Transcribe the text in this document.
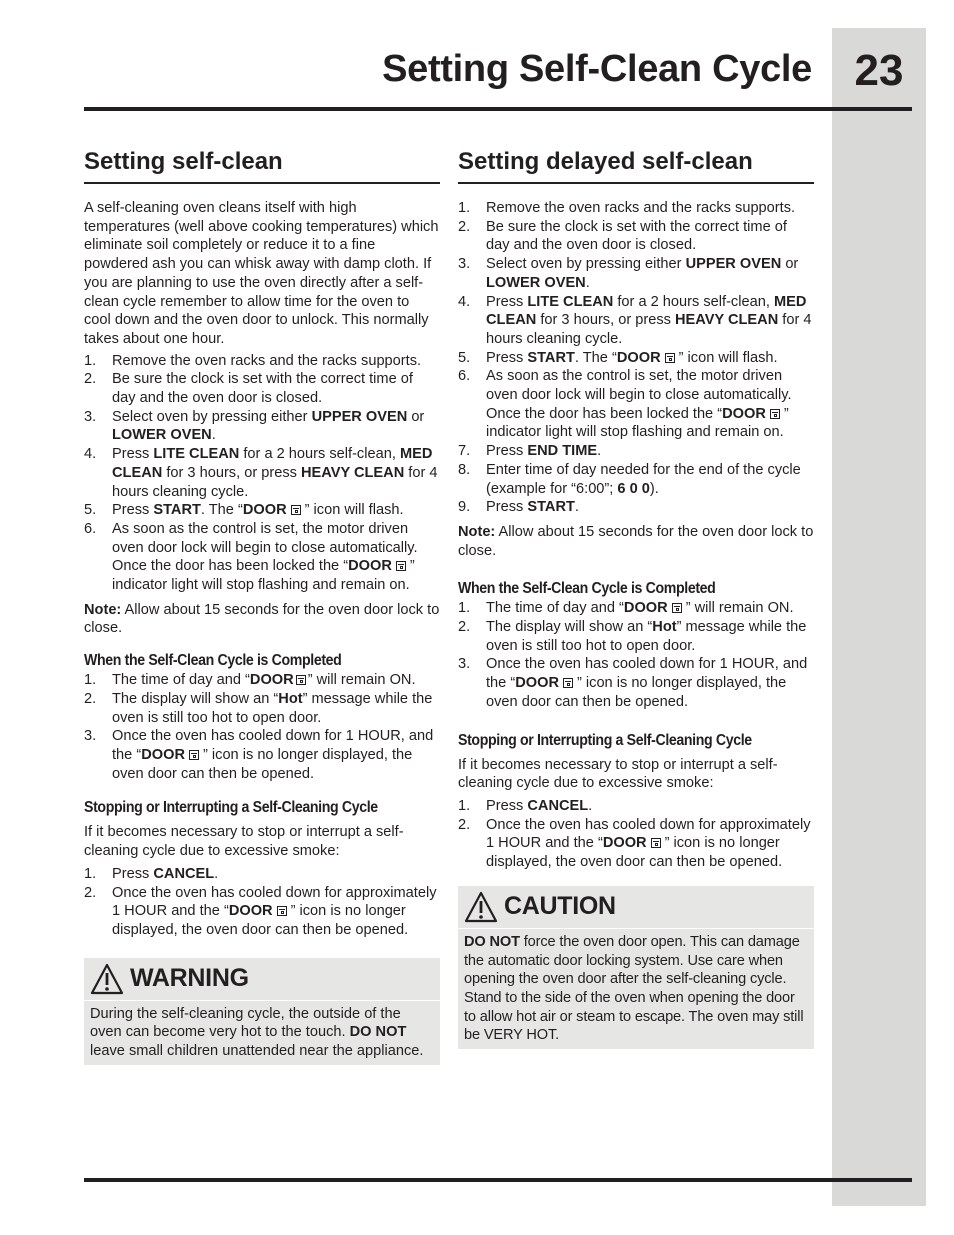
23
Setting Self-Clean Cycle
Setting self-clean

A self-cleaning oven cleans itself with high temperatures (well above cooking temperatures) which eliminate soil completely or reduce it to a fine powdered ash you can whisk away with damp cloth. If you are planning to use the oven directly after a self-clean cycle remember to allow time for the oven to cool down and the oven door to unlock. This normally takes about one hour.

1. Remove the oven racks and the racks supports.
2. Be sure the clock is set with the correct time of day and the oven door is closed.
3. Select oven by pressing either UPPER OVEN or LOWER OVEN.
4. Press LITE CLEAN for a 2 hours self-clean, MED CLEAN for 3 hours, or press HEAVY CLEAN for 4 hours cleaning cycle.
5. Press START. The “DOOR ” icon will flash.
6. As soon as the control is set, the motor driven oven door lock will begin to close automatically. Once the door has been locked the “DOOR ” indicator light will stop flashing and remain on.

Note: Allow about 15 seconds for the oven door lock to close.

When the Self-Clean Cycle is Completed
1. The time of day and “DOOR ” will remain ON.
2. The display will show an “Hot” message while the oven is still too hot to open door.
3. Once the oven has cooled down for 1 HOUR, and the “DOOR ” icon is no longer displayed, the oven door can then be opened.
Stopping or Interrupting a Self-Cleaning Cycle

If it becomes necessary to stop or interrupt a self-cleaning cycle due to excessive smoke:

1. Press CANCEL.
2. Once the oven has cooled down for approximately 1 HOUR and the “DOOR ” icon is no longer displayed, the oven door can then be opened.
WARNING
During the self-cleaning cycle, the outside of the oven can become very hot to the touch. DO NOT leave small children unattended near the appliance.
Setting delayed self-clean
1. Remove the oven racks and the racks supports.
2. Be sure the clock is set with the correct time of day and the oven door is closed.
3. Select oven by pressing either UPPER OVEN or LOWER OVEN.
4. Press LITE CLEAN for a 2 hours self-clean, MED CLEAN for 3 hours, or press HEAVY CLEAN for 4 hours cleaning cycle.
5. Press START. The “DOOR ” icon will flash.
6. As soon as the control is set, the motor driven oven door lock will begin to close automatically. Once the door has been locked the “DOOR ” indicator light will stop flashing and remain on.
7. Press END TIME.
8. Enter time of day needed for the end of the cycle (example for “6:00”; 6 0 0).
9. Press START.

Note: Allow about 15 seconds for the oven door lock to close.

When the Self-Clean Cycle is Completed
1. The time of day and “DOOR ” will remain ON.
2. The display will show an “Hot” message while the oven is still too hot to open door.
3. Once the oven has cooled down for 1 HOUR, and the “DOOR ” icon is no longer displayed, the oven door can then be opened.
Stopping or Interrupting a Self-Cleaning Cycle

If it becomes necessary to stop or interrupt a self-cleaning cycle due to excessive smoke:

1. Press CANCEL.
2. Once the oven has cooled down for approximately 1 HOUR and the “DOOR ” icon is no longer displayed, the oven door can then be opened.
CAUTION
DO NOT force the oven door open. This can damage the automatic door locking system. Use care when opening the oven door after the self-cleaning cycle. Stand to the side of the oven when opening the door to allow hot air or steam to escape. The oven may still be VERY HOT.
